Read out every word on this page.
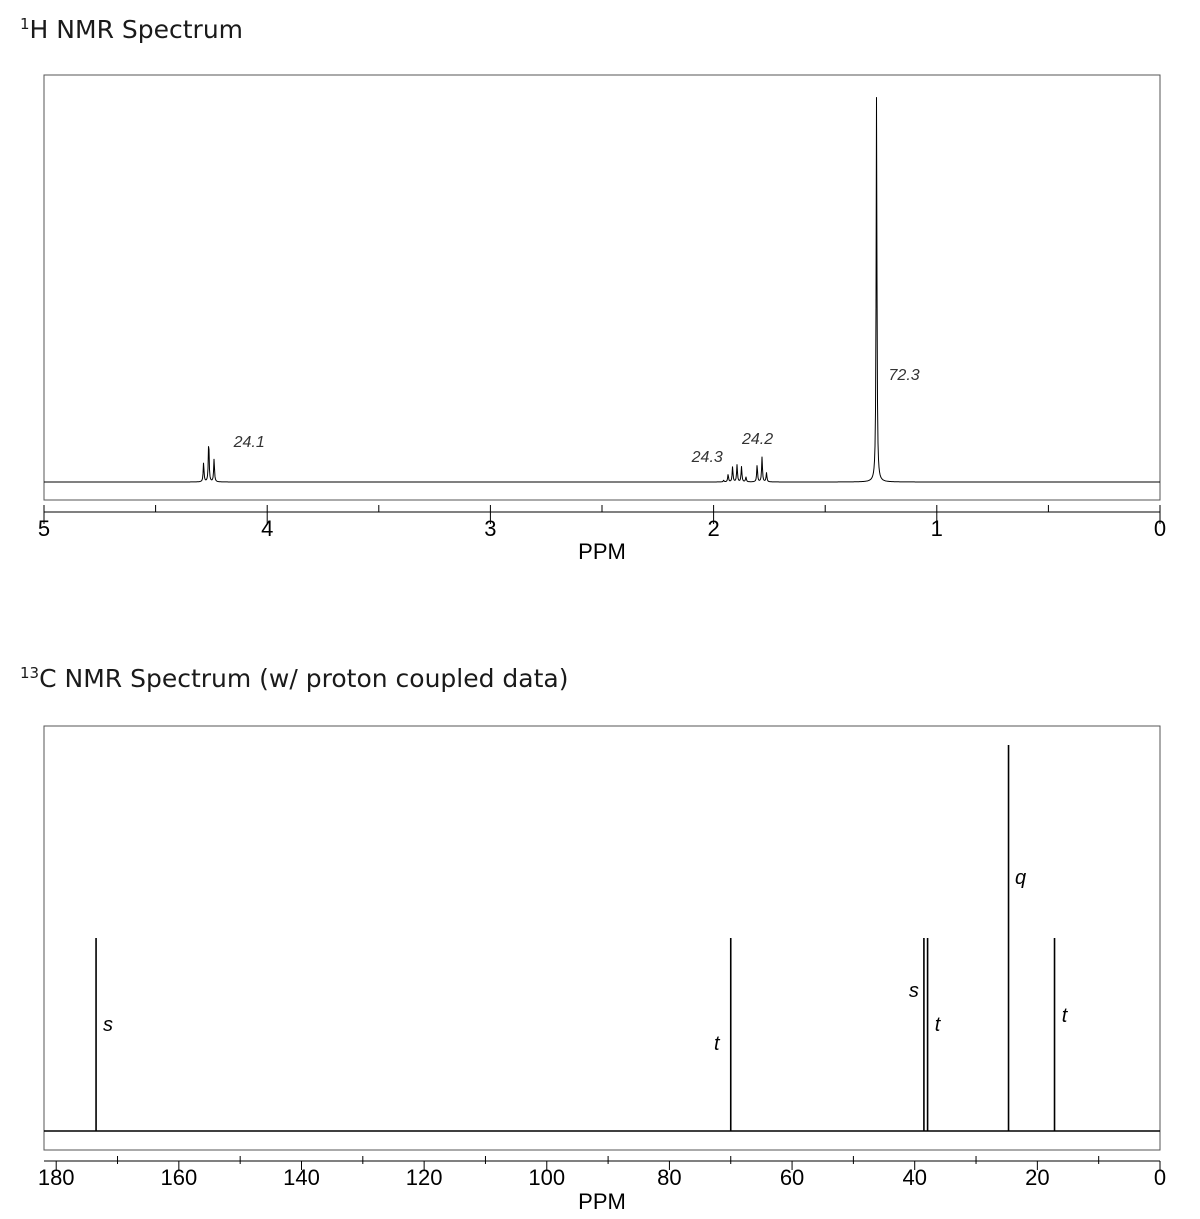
$^1$H NMR Spectrum
24.1
24.3
24.2
72.3
5	4	3	2	1	0
PPM
$^{13}$C NMR Spectrum (w/ proton coupled data)
s
t
s
t
q
t
180	160	140	120	100	80	60	40	20	0
PPM
